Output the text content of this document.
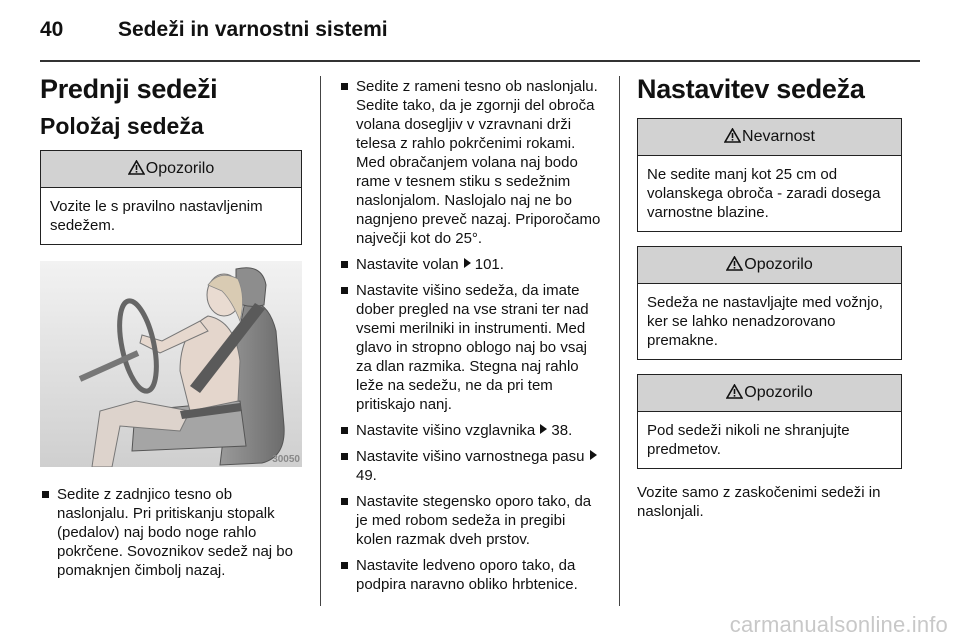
40	Sedeži in varnostni sistemi
Prednji sedeži
Položaj sedeža
Opozorilo
Vozite le s pravilno nastavljenim sedežem.
30050
Sedite z zadnjico tesno ob naslonjalu. Pri pritiskanju stopalk (pedalov) naj bodo noge rahlo pokrčene. Sovoznikov sedež naj bo pomaknjen čimbolj nazaj.
Sedite z rameni tesno ob naslonjalu. Sedite tako, da je zgornji del obroča volana dosegljiv v vzravnani drži telesa z rahlo pokrčenimi rokami. Med obračanjem volana naj bodo rame v tesnem stiku s sedežnim naslonjalom. Naslojalo naj ne bo nagnjeno preveč nazaj. Priporočamo največji kot do 25°.
Nastavite volan 101.
Nastavite višino sedeža, da imate dober pregled na vse strani ter nad vsemi merilniki in instrumenti. Med glavo in stropno oblogo naj bo vsaj za dlan razmika. Stegna naj rahlo leže na sedežu, ne da pri tem pritiskajo nanj.
Nastavite višino vzglavnika 38.
Nastavite višino varnostnega pasu 49.
Nastavite stegensko oporo tako, da je med robom sedeža in pregibi kolen razmak dveh prstov.
Nastavite ledveno oporo tako, da podpira naravno obliko hrbtenice.
Nastavitev sedeža
Nevarnost
Ne sedite manj kot 25 cm od volanskega obroča - zaradi dosega varnostne blazine.
Opozorilo
Sedeža ne nastavljajte med vožnjo, ker se lahko nenadzorovano premakne.
Opozorilo
Pod sedeži nikoli ne shranjujte predmetov.

Vozite samo z zaskočenimi sedeži in naslonjali.

carmanualsonline.info
